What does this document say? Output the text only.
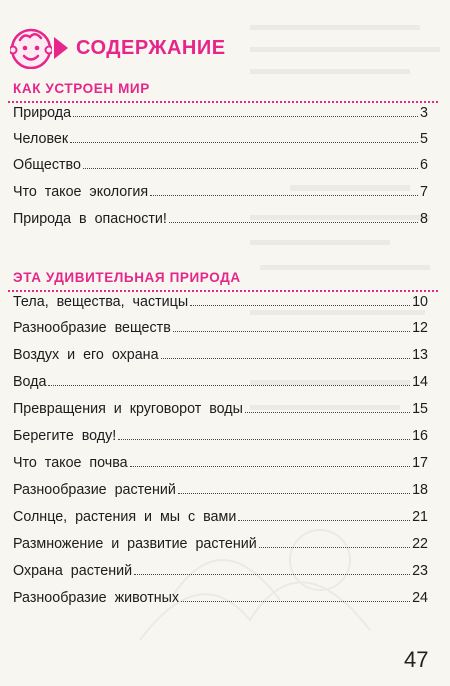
СОДЕРЖАНИЕ
КАК УСТРОЕН МИР
Природа	3
Человек	5
Общество	6
Что  такое  экология	7
Природа  в  опасности!	8
ЭТА УДИВИТЕЛЬНАЯ ПРИРОДА
Тела,  вещества,  частицы	10
Разнообразие  веществ	12
Воздух  и  его  охрана	13
Вода	14
Превращения  и  круговорот  воды	15
Берегите  воду!	16
Что  такое  почва	17
Разнообразие  растений	18
Солнце,  растения  и  мы  с  вами	21
Размножение  и  развитие  растений	22
Охрана  растений	23
Разнообразие  животных	24
47
